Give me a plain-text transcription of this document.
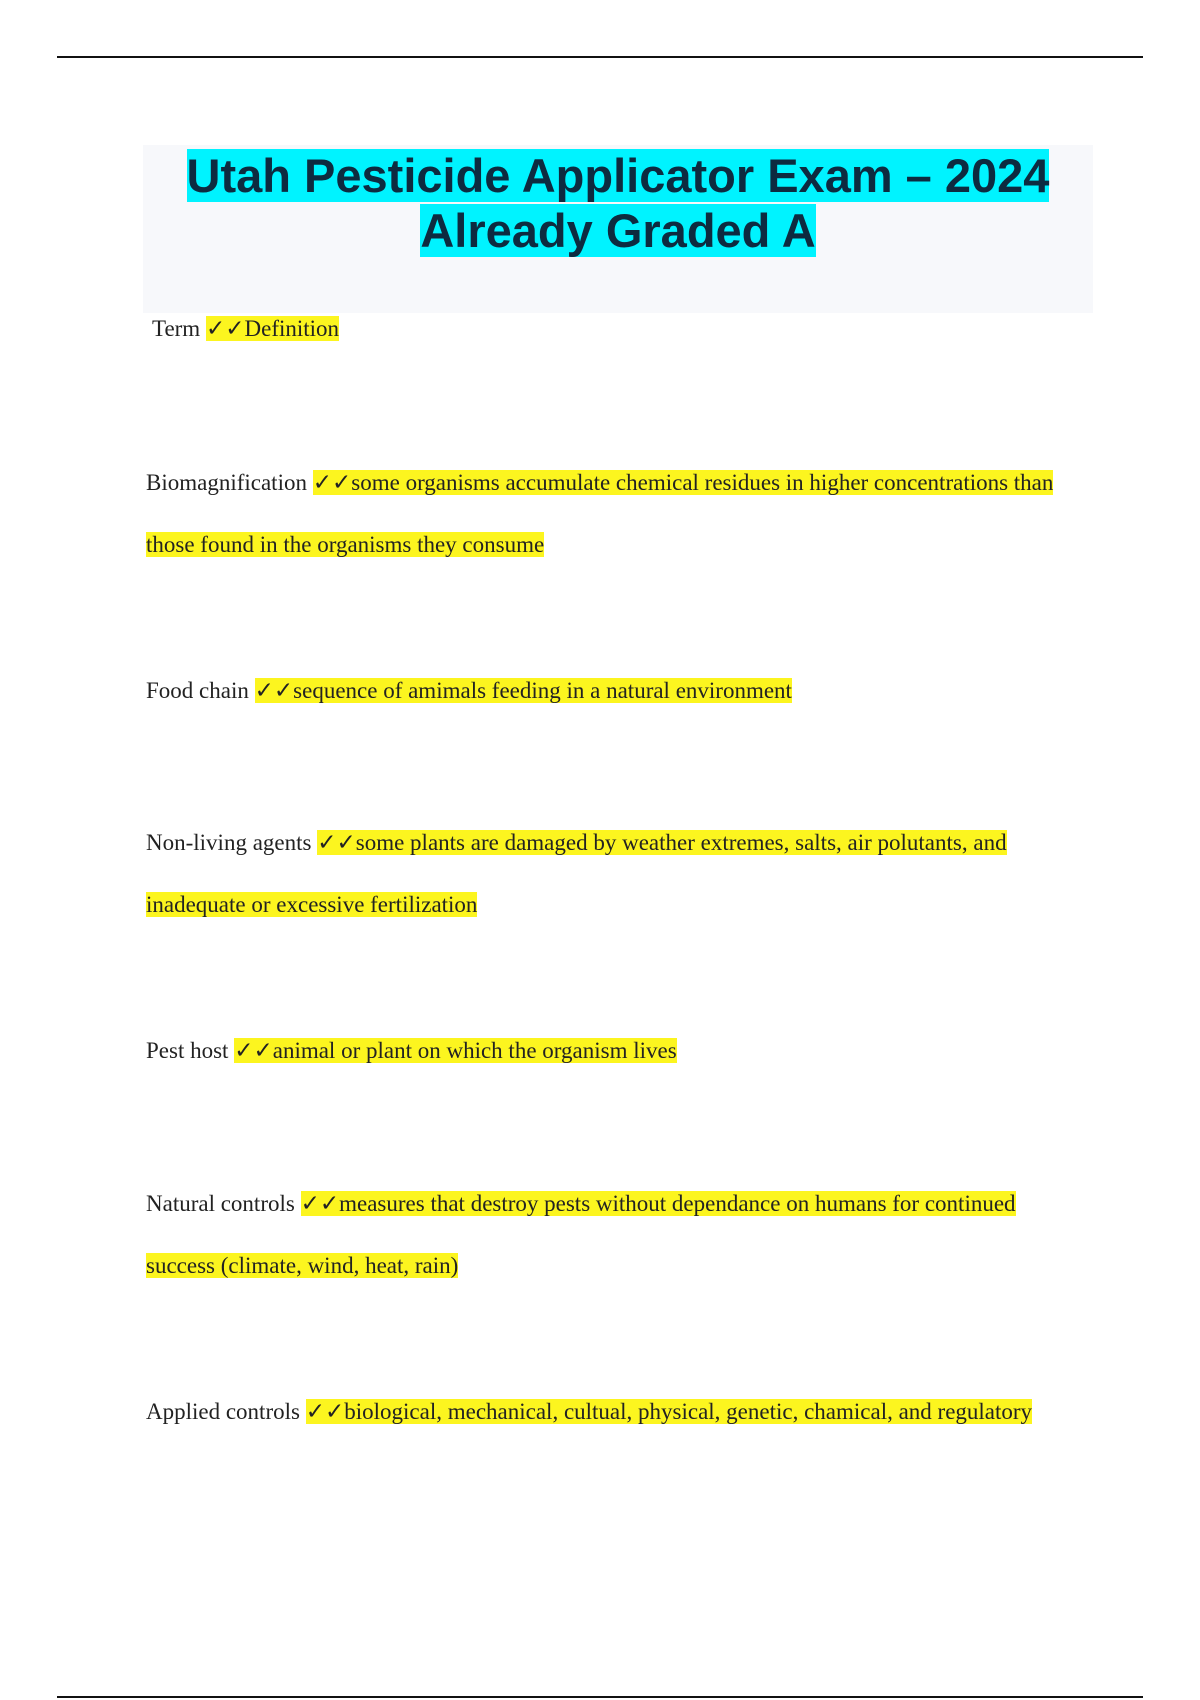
Utah Pesticide Applicator Exam – 2024 Already Graded A

Term ✓✓Definition

Biomagnification ✓✓some organisms accumulate chemical residues in higher concentrations than those found in the organisms they consume

Food chain ✓✓sequence of amimals feeding in a natural environment

Non-living agents ✓✓some plants are damaged by weather extremes, salts, air polutants, and inadequate or excessive fertilization

Pest host ✓✓animal or plant on which the organism lives

Natural controls ✓✓measures that destroy pests without dependance on humans for continued success (climate, wind, heat, rain)

Applied controls ✓✓biological, mechanical, cultual, physical, genetic, chamical, and regulatory
